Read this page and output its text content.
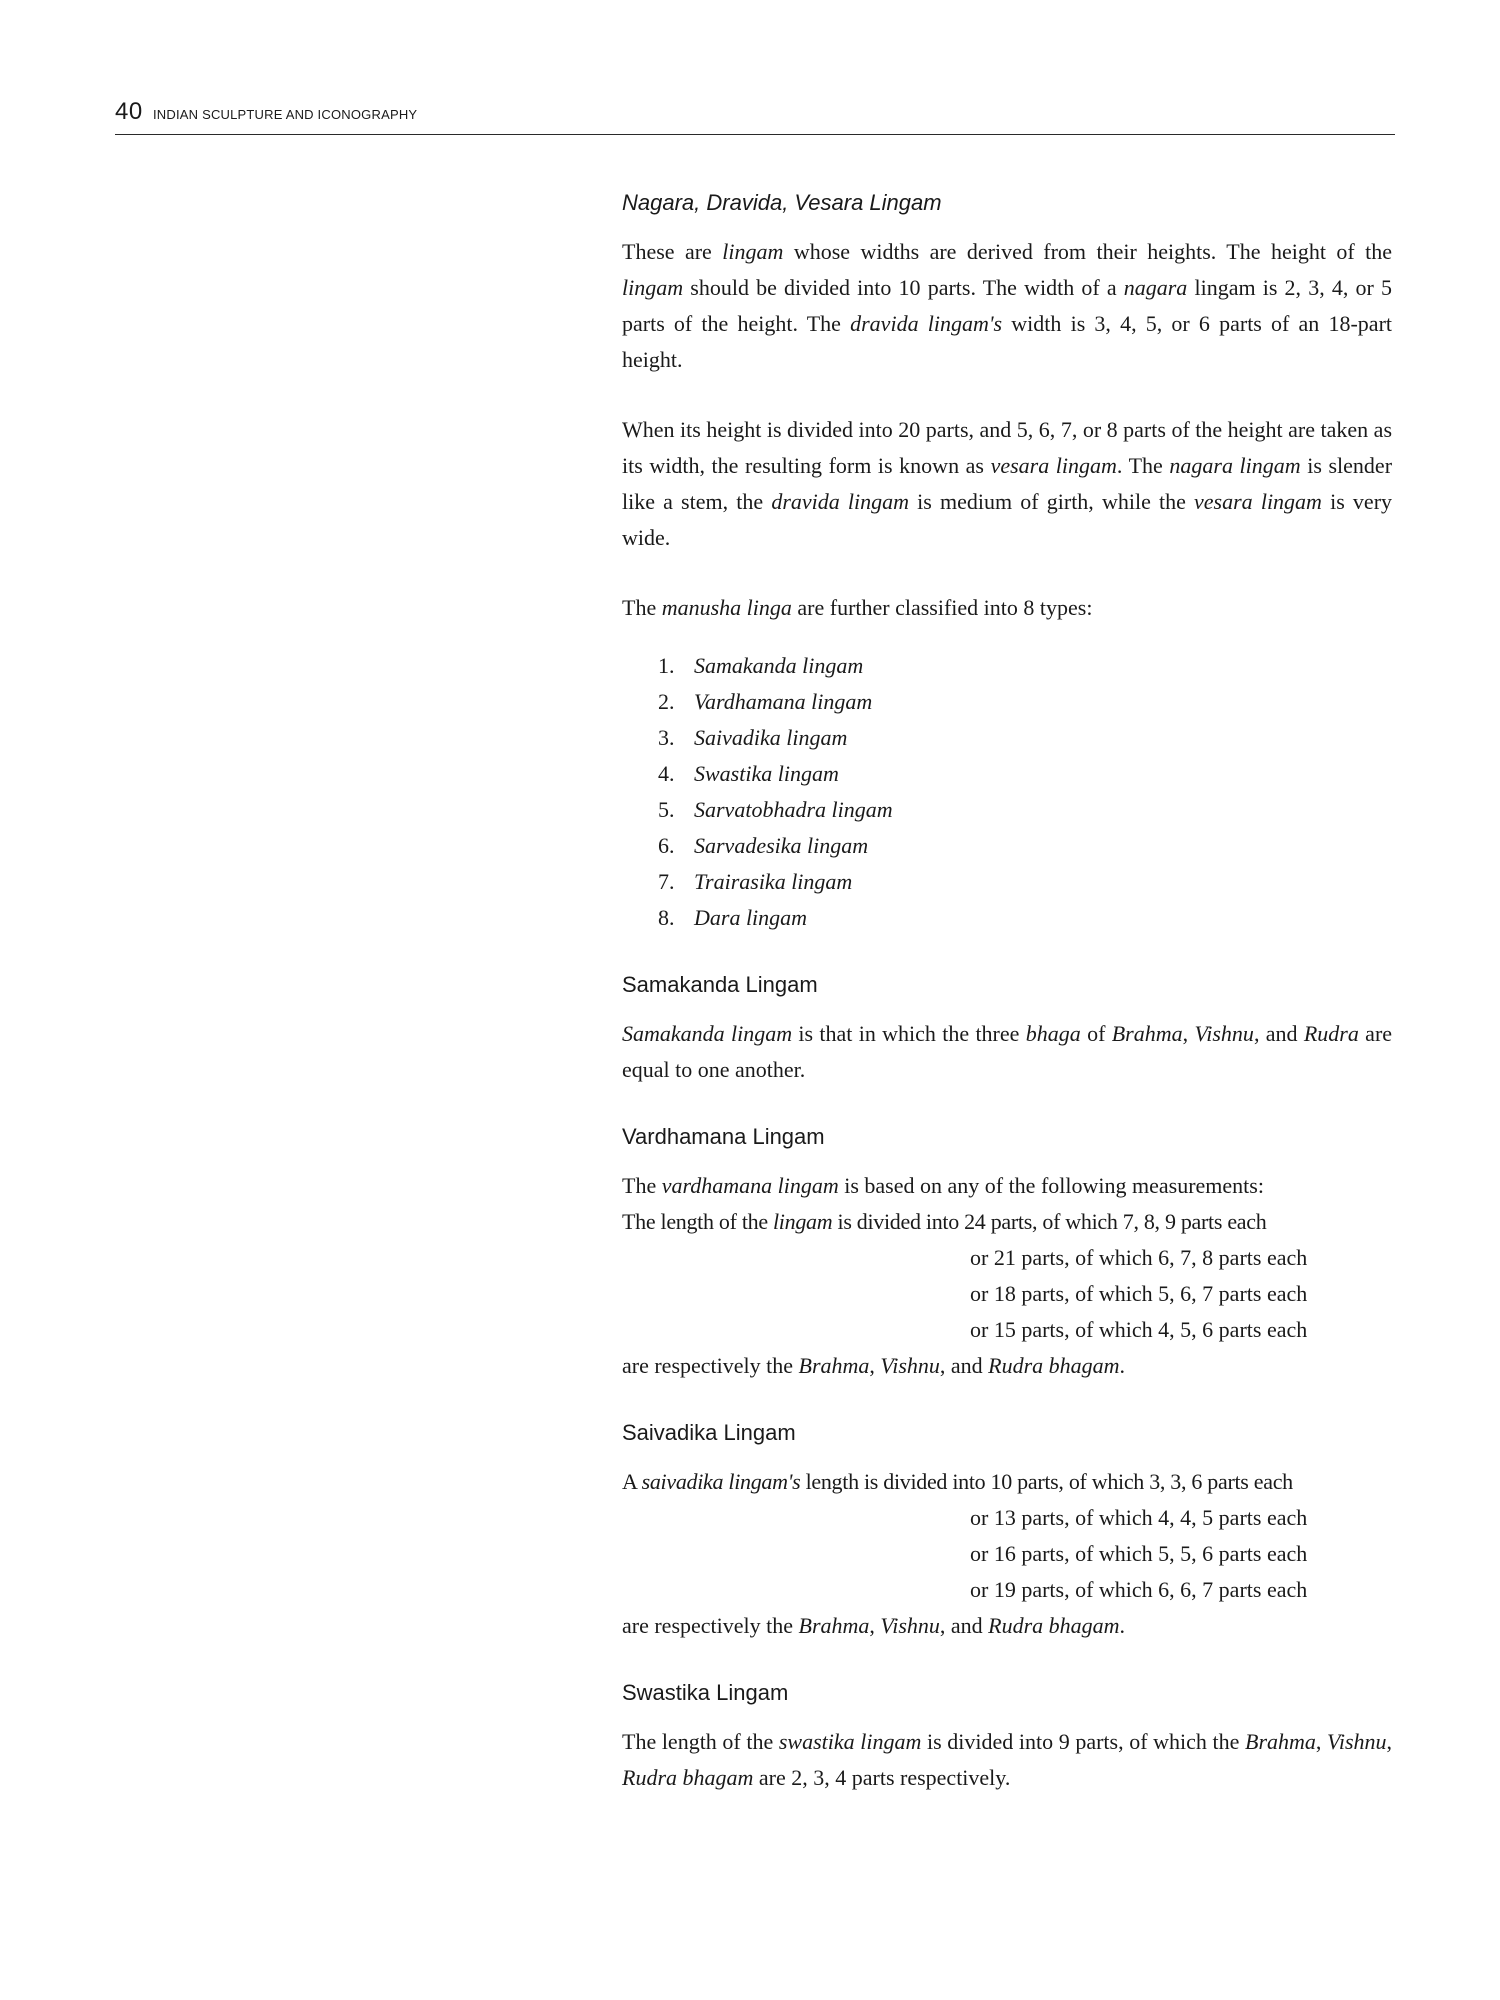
40 INDIAN SCULPTURE AND ICONOGRAPHY
Nagara, Dravida, Vesara Lingam

These are lingam whose widths are derived from their heights. The height of the lingam should be divided into 10 parts. The width of a nagara lingam is 2, 3, 4, or 5 parts of the height. The dravida lingam's width is 3, 4, 5, or 6 parts of an 18-part height.

When its height is divided into 20 parts, and 5, 6, 7, or 8 parts of the height are taken as its width, the resulting form is known as vesara lingam. The nagara lingam is slender like a stem, the dravida lingam is medium of girth, while the vesara lingam is very wide.

The manusha linga are further classified into 8 types:

1. Samakanda lingam
2. Vardhamana lingam
3. Saivadika lingam
4. Swastika lingam
5. Sarvatobhadra lingam
6. Sarvadesika lingam
7. Trairasika lingam
8. Dara lingam
Samakanda Lingam

Samakanda lingam is that in which the three bhaga of Brahma, Vishnu, and Rudra are equal to one another.

Vardhamana Lingam
The vardhamana lingam is based on any of the following measurements:
The length of the lingam is divided into 24 parts, of which 7, 8, 9 parts each
or 21 parts, of which 6, 7, 8 parts each
or 18 parts, of which 5, 6, 7 parts each
or 15 parts, of which 4, 5, 6 parts each
are respectively the Brahma, Vishnu, and Rudra bhagam.
Saivadika Lingam
A saivadika lingam's length is divided into 10 parts, of which 3, 3, 6 parts each
or 13 parts, of which 4, 4, 5 parts each
or 16 parts, of which 5, 5, 6 parts each
or 19 parts, of which 6, 6, 7 parts each
are respectively the Brahma, Vishnu, and Rudra bhagam.
Swastika Lingam

The length of the swastika lingam is divided into 9 parts, of which the Brahma, Vishnu, Rudra bhagam are 2, 3, 4 parts respectively.
